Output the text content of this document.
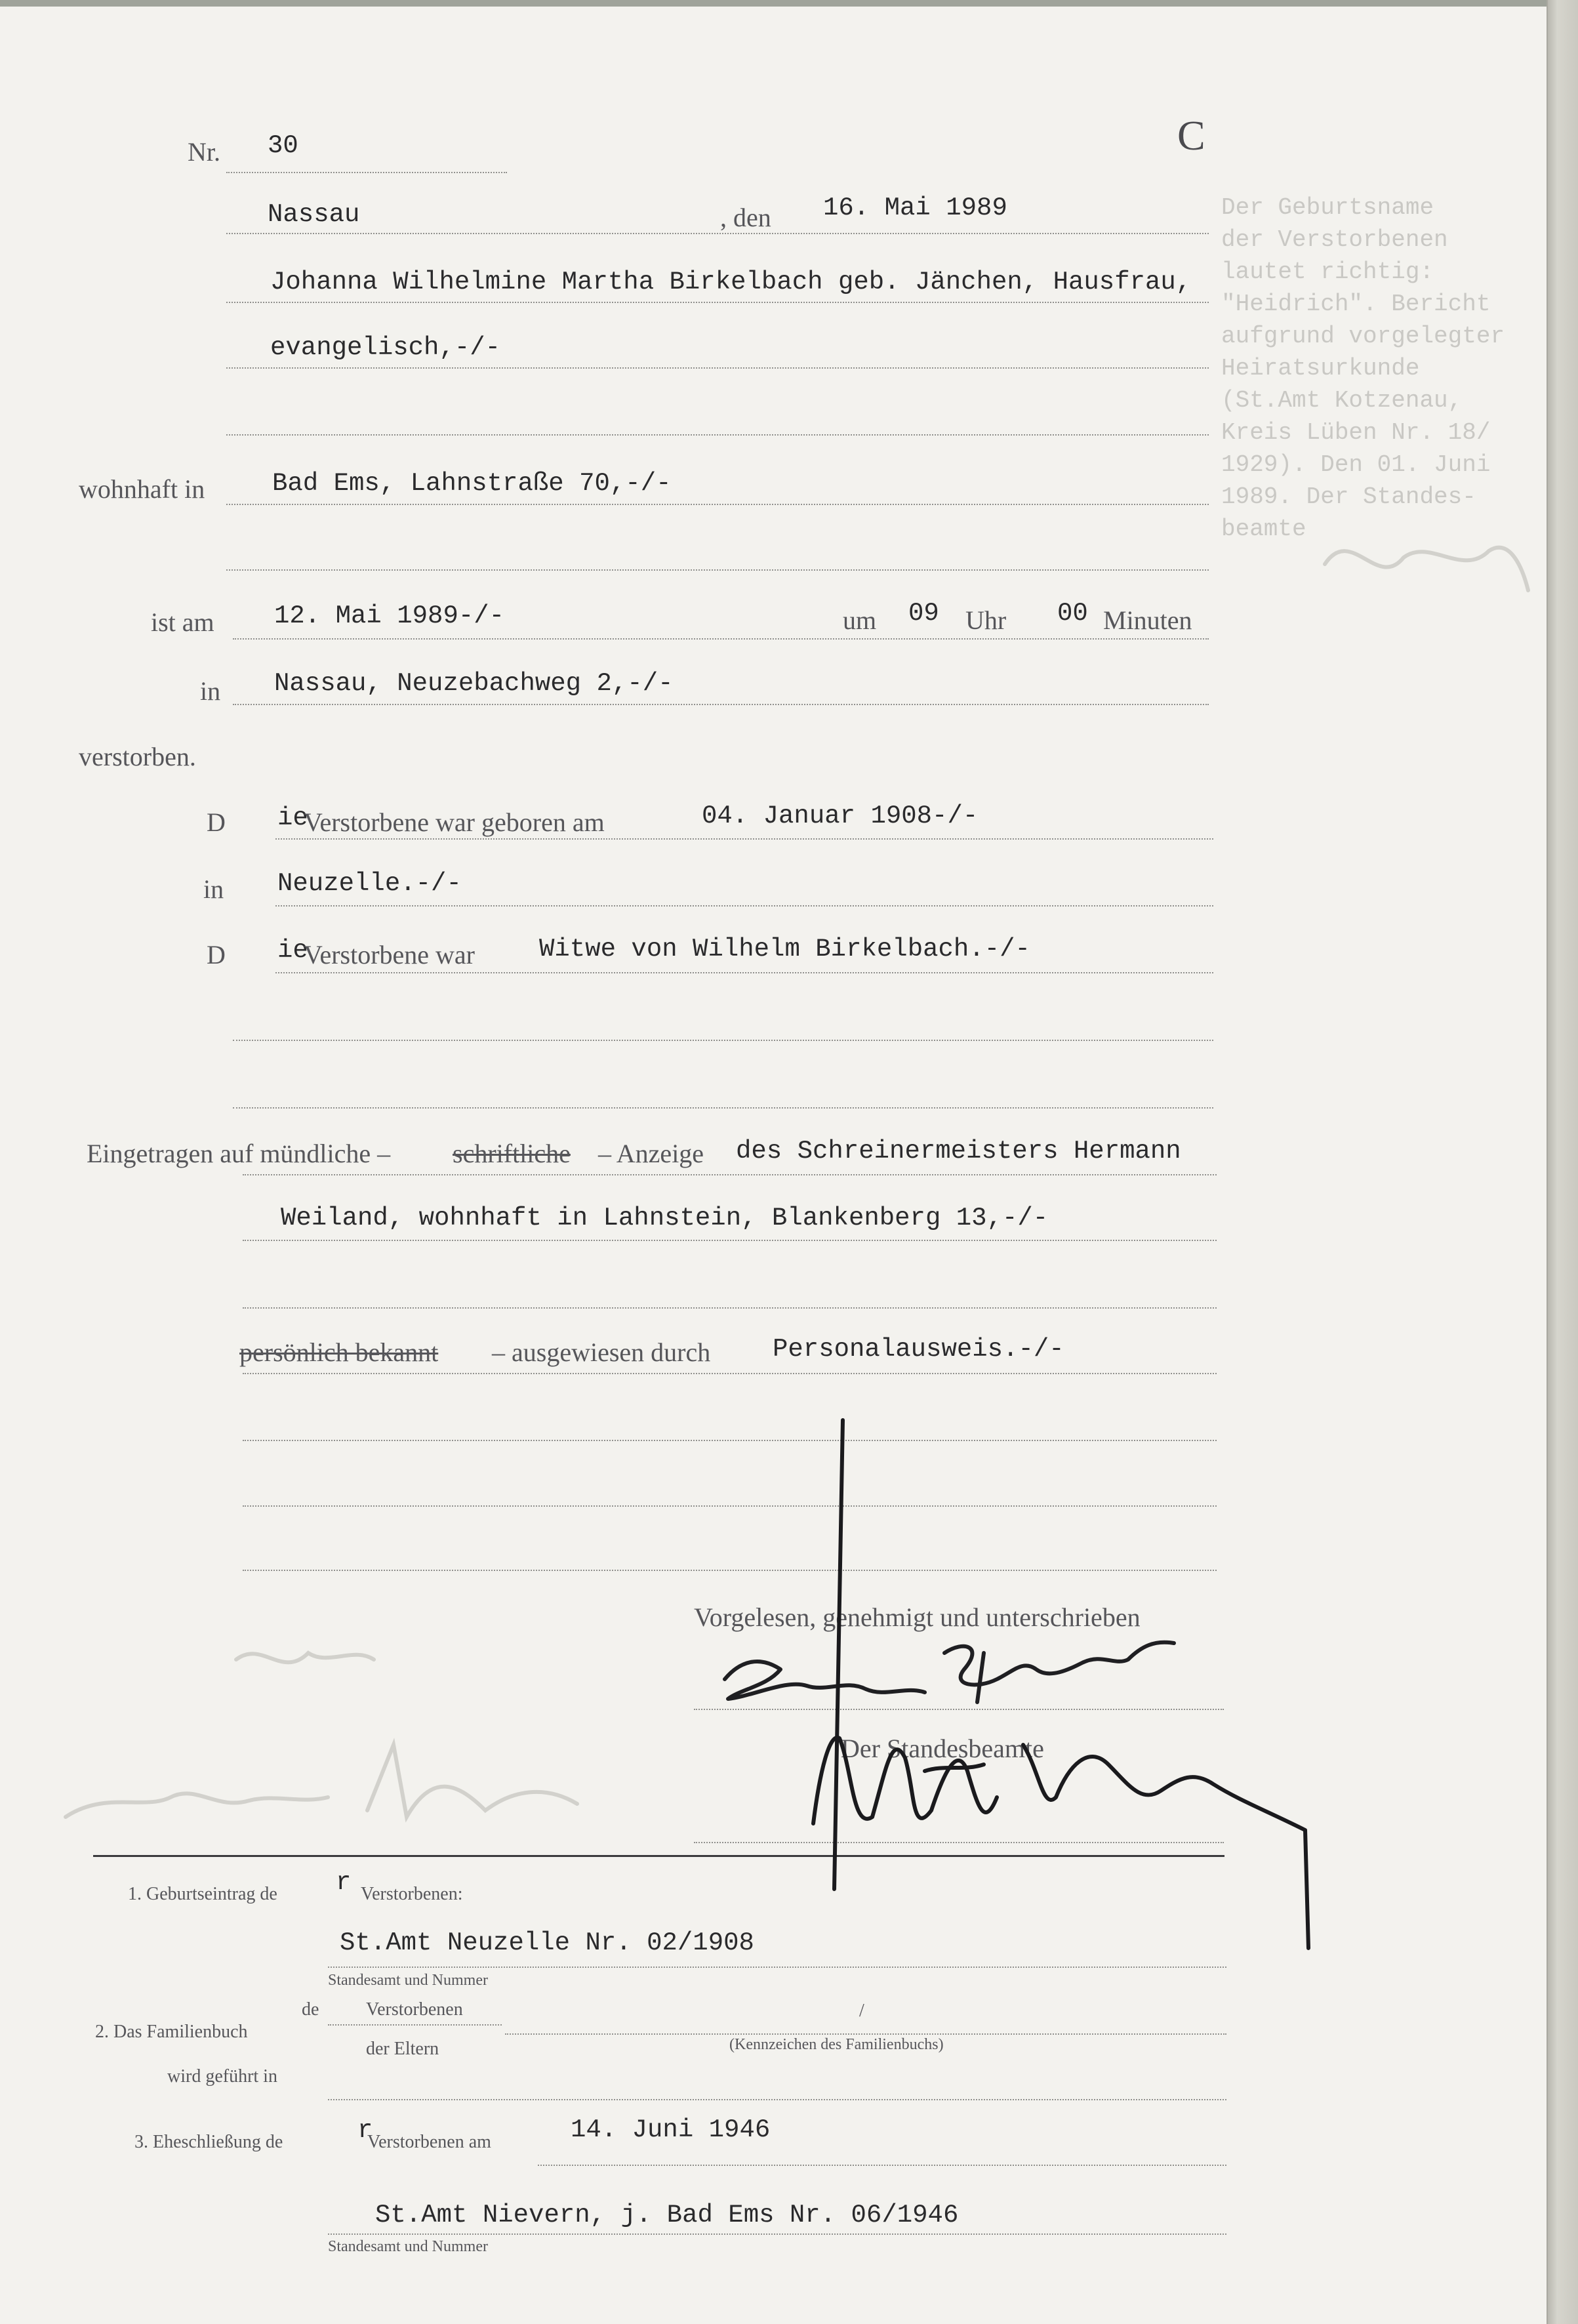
Der Geburtsname
der Verstorbenen
lautet richtig:
"Heidrich". Bericht
aufgrund vorgelegter
Heiratsurkunde
(St.Amt Kotzenau,
Kreis Lüben Nr. 18/
1929). Den 01. Juni
1989. Der Standes-
beamte
C
Nr. 30
Nassau	, den 16. Mai 1989
Johanna Wilhelmine Martha Birkelbach geb. Jänchen, Hausfrau,
evangelisch,-/-
wohnhaft in	Bad Ems, Lahnstraße 70,-/-
ist am 12. Mai 1989-/-	um 09 Uhr 00 Minuten
in Nassau, Neuzebachweg 2,-/-
verstorben.
D ie
Verstorbene war geboren am	04. Januar 1908-/-
in Neuzelle.-/-
D ie
Verstorbene war	Witwe von Wilhelm Birkelbach.-/-
Eingetragen auf mündliche – schriftliche – Anzeige des Schreinermeisters Hermann
Weiland, wohnhaft in Lahnstein, Blankenberg 13,-/-
persönlich bekannt – ausgewiesen durch Personalausweis.-/-
Vorgelesen, genehmigt und unterschrieben
Der Standesbeamte
1. Geburtseintrag de r Verstorbenen:
St.Amt Neuzelle Nr. 02/1908
Standesamt und Nummer
2. Das Familienbuch
de	Verstorbenen
der Eltern
/
(Kennzeichen des Familienbuchs)
wird geführt in
3. Eheschließung de	r
Verstorbenen am	14. Juni 1946
St.Amt Nievern, j. Bad Ems Nr. 06/1946
Standesamt und Nummer
